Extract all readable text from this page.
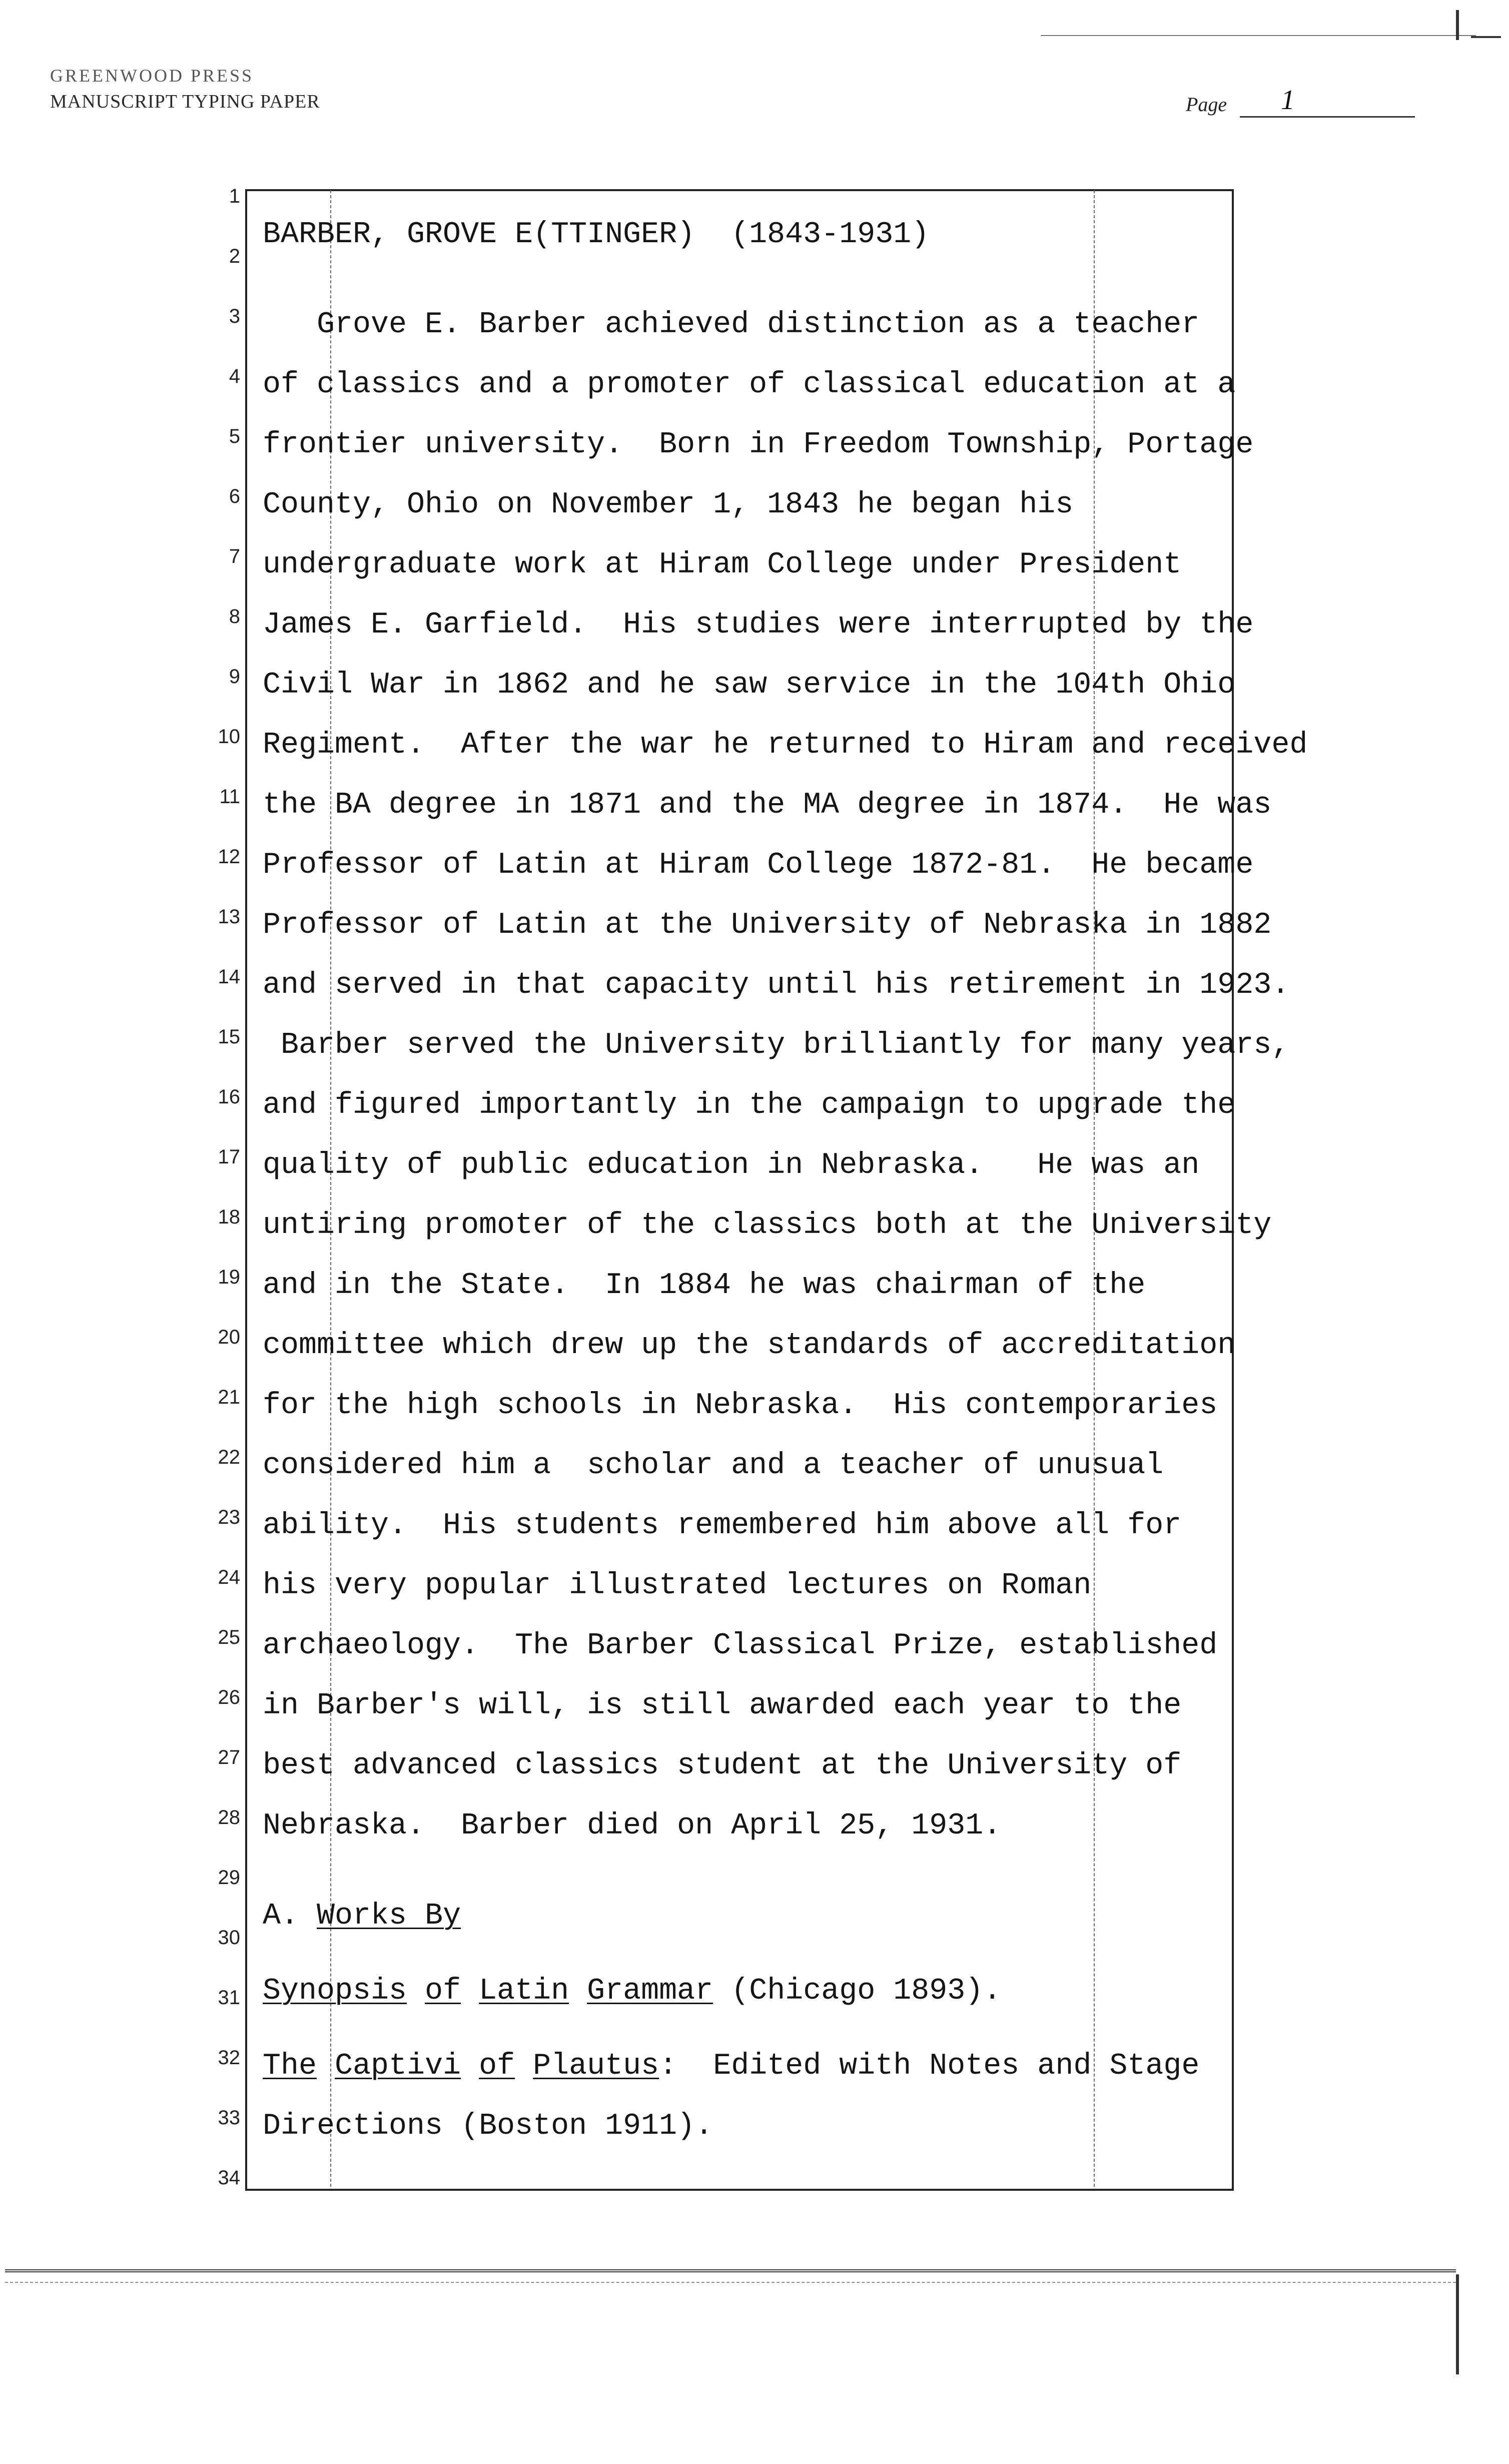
GREENWOOD PRESS
MANUSCRIPT TYPING PAPER	Page 1
1
2
3
4
5
6
7
8
9
10
11
12
13
14
15
16
17
18
19
20
21
22
23
24
25
26
27
28
29
30
31
32
33
34
BARBER, GROVE E(TTINGER)  (1843-1931)
Grove E. Barber achieved distinction as a teacher
of classics and a promoter of classical education at a
frontier university.  Born in Freedom Township, Portage
County, Ohio on November 1, 1843 he began his
undergraduate work at Hiram College under President
James E. Garfield.  His studies were interrupted by the
Civil War in 1862 and he saw service in the 104th Ohio
Regiment.  After the war he returned to Hiram and received
the BA degree in 1871 and the MA degree in 1874.  He was
Professor of Latin at Hiram College 1872-81.  He became
Professor of Latin at the University of Nebraska in 1882
and served in that capacity until his retirement in 1923.
Barber served the University brilliantly for many years,
and figured importantly in the campaign to upgrade the
quality of public education in Nebraska.   He was an
untiring promoter of the classics both at the University
and in the State.  In 1884 he was chairman of the
committee which drew up the standards of accreditation
for the high schools in Nebraska.  His contemporaries
considered him a  scholar and a teacher of unusual
ability.  His students remembered him above all for
his very popular illustrated lectures on Roman
archaeology.  The Barber Classical Prize, established
in Barber's will, is still awarded each year to the
best advanced classics student at the University of
Nebraska.  Barber died on April 25, 1931.
A. Works By
Synopsis of Latin Grammar (Chicago 1893).
The Captivi of Plautus:  Edited with Notes and Stage
Directions (Boston 1911).
